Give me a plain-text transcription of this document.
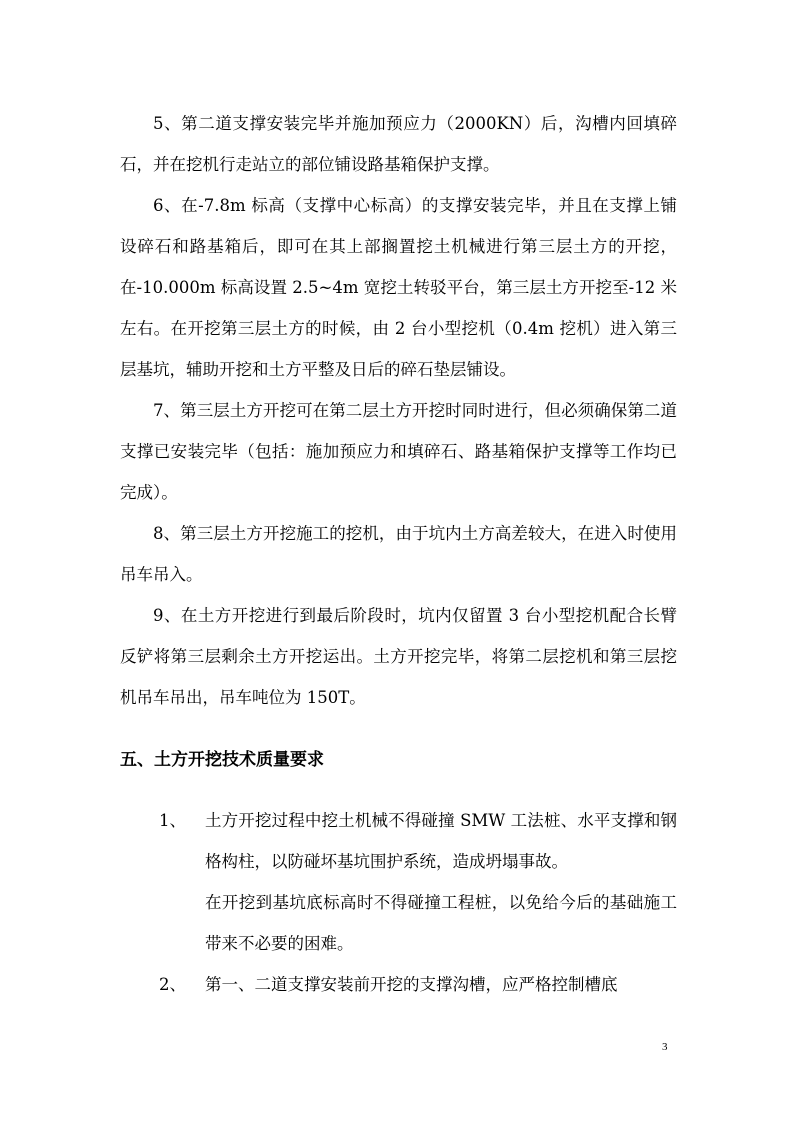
5、第二道支撑安装完毕并施加预应力（2000KN）后，沟槽内回填碎石，并在挖机行走站立的部位铺设路基箱保护支撑。

6、在-7.8m 标高（支撑中心标高）的支撑安装完毕，并且在支撑上铺设碎石和路基箱后，即可在其上部搁置挖土机械进行第三层土方的开挖，在-10.000m 标高设置 2.5~4m 宽挖土转驳平台，第三层土方开挖至-12 米左右。在开挖第三层土方的时候，由 2 台小型挖机（0.4m 挖机）进入第三层基坑，辅助开挖和土方平整及日后的碎石垫层铺设。

7、第三层土方开挖可在第二层土方开挖时同时进行，但必须确保第二道支撑已安装完毕（包括：施加预应力和填碎石、路基箱保护支撑等工作均已完成）。

8、第三层土方开挖施工的挖机，由于坑内土方高差较大，在进入时使用吊车吊入。

9、在土方开挖进行到最后阶段时，坑内仅留置 3 台小型挖机配合长臂反铲将第三层剩余土方开挖运出。土方开挖完毕，将第二层挖机和第三层挖机吊车吊出，吊车吨位为 150T。

五、土方开挖技术质量要求
1、 土方开挖过程中挖土机械不得碰撞 SMW 工法桩、水平支撑和钢格构柱，以防碰坏基坑围护系统，造成坍塌事故。

在开挖到基坑底标高时不得碰撞工程桩，以免给今后的基础施工带来不必要的困难。

2、 第一、二道支撑安装前开挖的支撑沟槽，应严格控制槽底

3
